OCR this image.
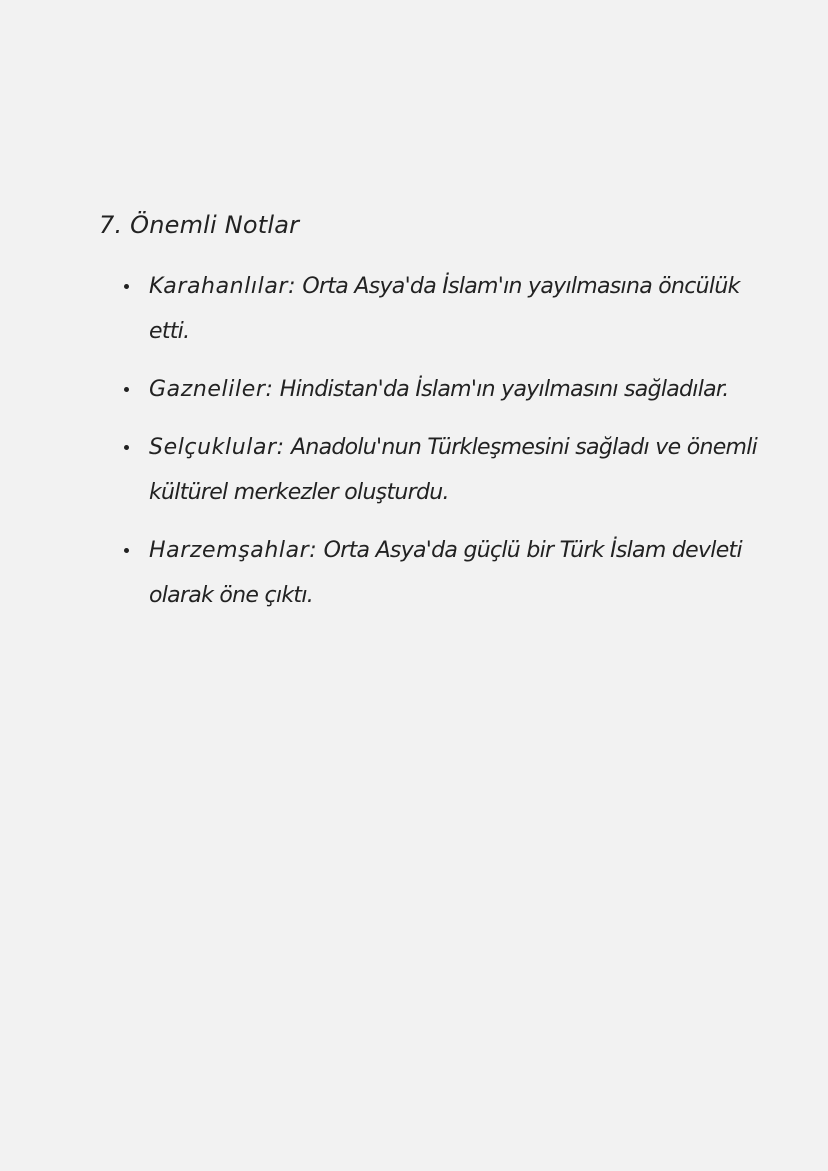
7. Önemli Notlar
Karahanlılar: Orta Asya'da İslam'ın yayılmasına öncülük etti.
Gazneliler: Hindistan'da İslam'ın yayılmasını sağladılar.
Selçuklular: Anadolu'nun Türkleşmesini sağladı ve önemli kültürel merkezler oluşturdu.
Harzemşahlar: Orta Asya'da güçlü bir Türk İslam devleti olarak öne çıktı.
